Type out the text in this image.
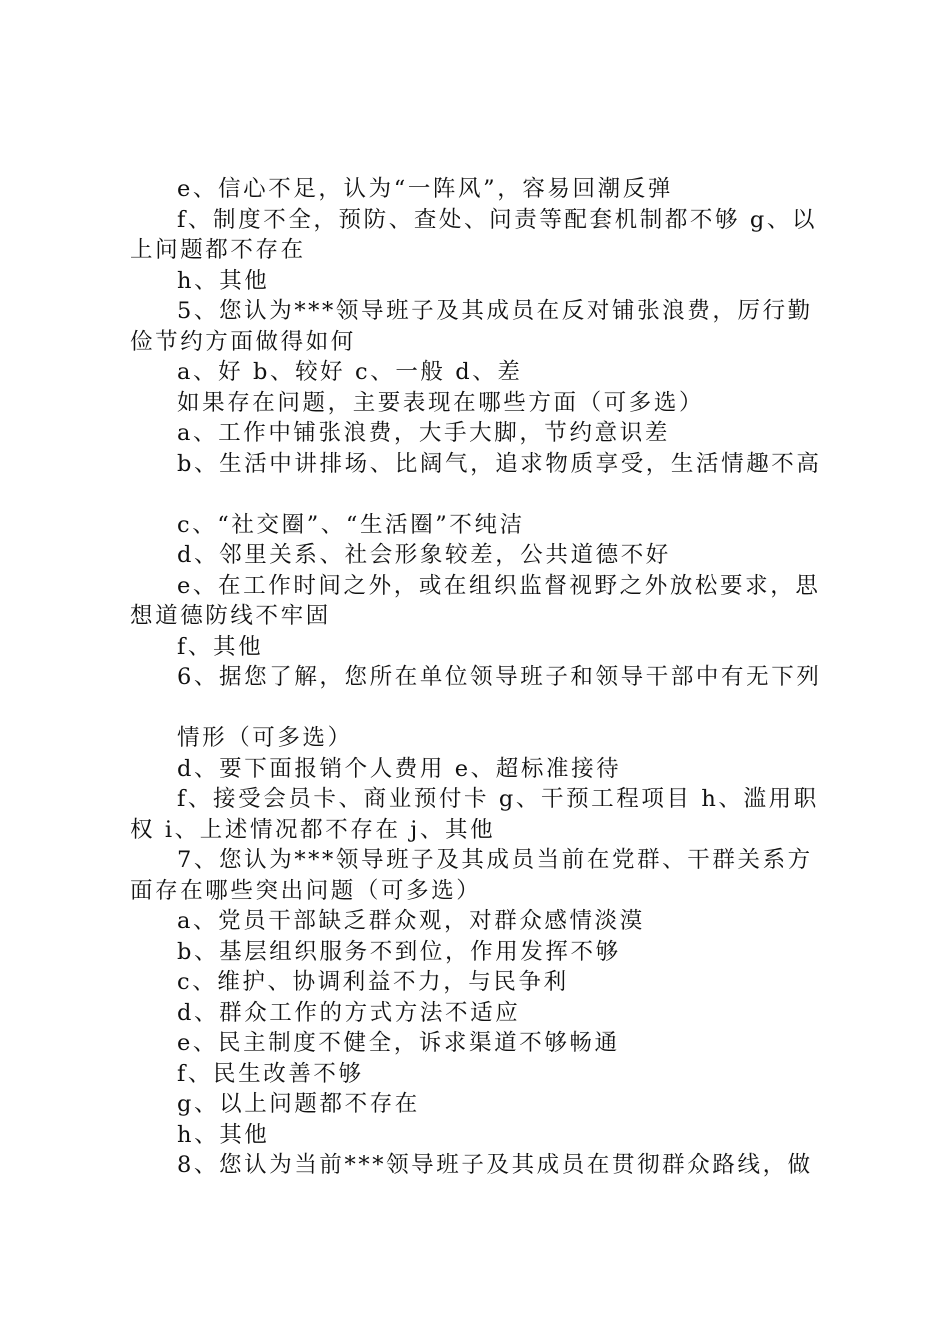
e、信心不足，认为“一阵风”，容易回潮反弹
f、制度不全，预防、查处、问责等配套机制都不够 g、以
上问题都不存在
h、其他
5、您认为***领导班子及其成员在反对铺张浪费，厉行勤
俭节约方面做得如何
a、好 b、较好 c、一般 d、差
如果存在问题，主要表现在哪些方面（可多选）
a、工作中铺张浪费，大手大脚，节约意识差
b、生活中讲排场、比阔气，追求物质享受，生活情趣不高
c、“社交圈”、“生活圈”不纯洁
d、邻里关系、社会形象较差，公共道德不好
e、在工作时间之外，或在组织监督视野之外放松要求，思
想道德防线不牢固
f、其他
6、据您了解，您所在单位领导班子和领导干部中有无下列
情形（可多选）
d、要下面报销个人费用 e、超标准接待
f、接受会员卡、商业预付卡 g、干预工程项目 h、滥用职
权 i、上述情况都不存在 j、其他
7、您认为***领导班子及其成员当前在党群、干群关系方
面存在哪些突出问题（可多选）
a、党员干部缺乏群众观，对群众感情淡漠
b、基层组织服务不到位，作用发挥不够
c、维护、协调利益不力，与民争利
d、群众工作的方式方法不适应
e、民主制度不健全，诉求渠道不够畅通
f、民生改善不够
g、以上问题都不存在
h、其他
8、您认为当前***领导班子及其成员在贯彻群众路线，做
